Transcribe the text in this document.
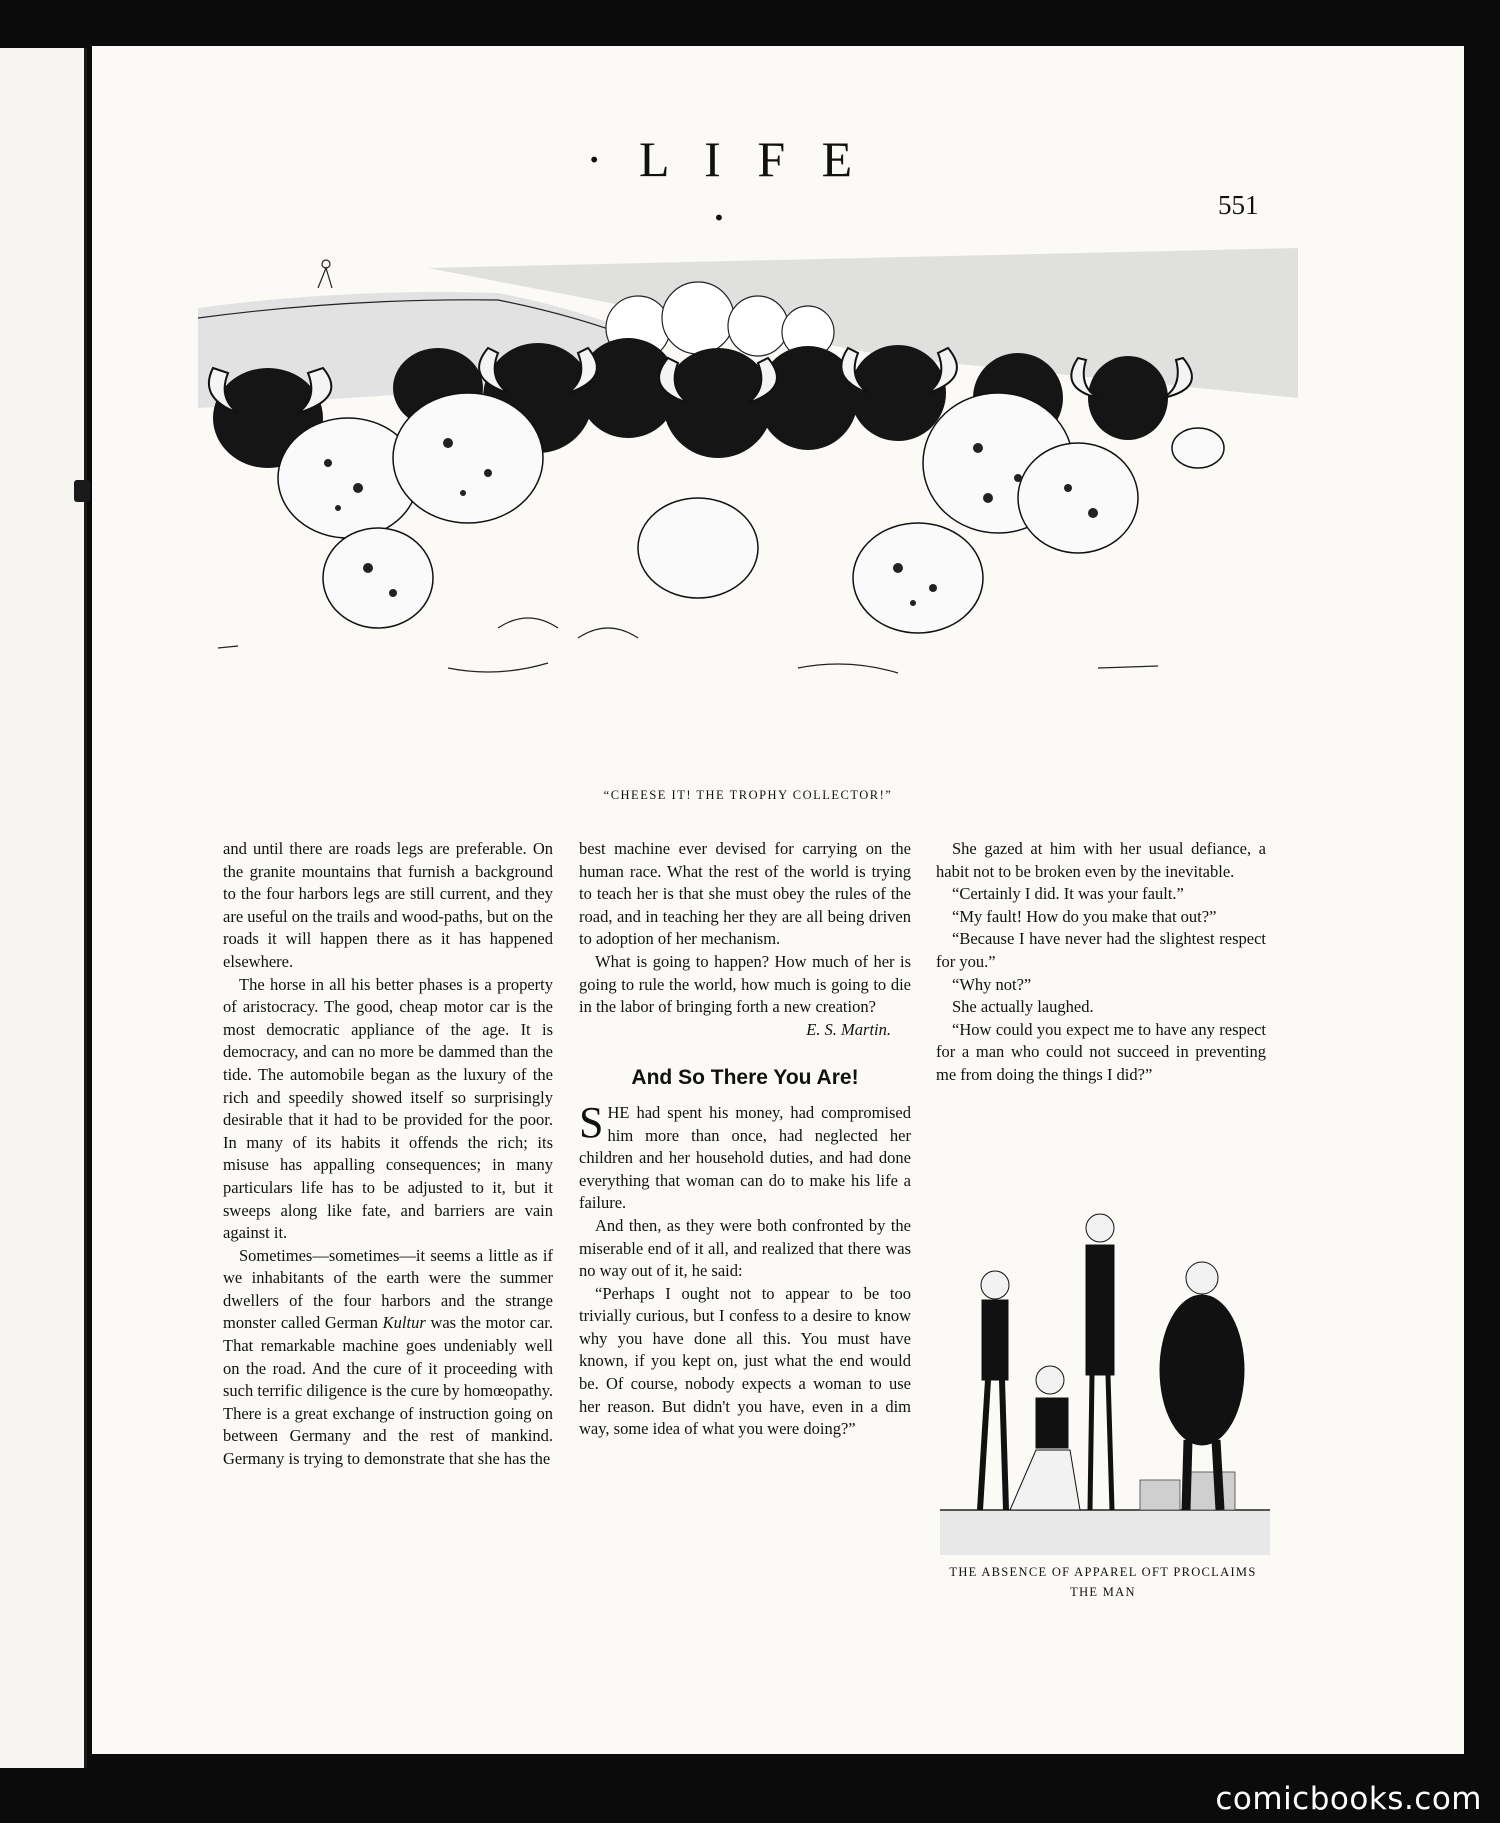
· L I F E ·	551
“CHEESE IT! THE TROPHY COLLECTOR!”

and until there are roads legs are preferable. On the granite mountains that furnish a background to the four harbors legs are still current, and they are useful on the trails and wood-paths, but on the roads it will happen there as it has happened elsewhere.

The horse in all his better phases is a property of aristocracy. The good, cheap motor car is the most democratic appliance of the age. It is democracy, and can no more be dammed than the tide. The automobile began as the luxury of the rich and speedily showed itself so surprisingly desirable that it had to be provided for the poor. In many of its habits it offends the rich; its misuse has appalling consequences; in many particulars life has to be adjusted to it, but it sweeps along like fate, and barriers are vain against it.

Sometimes—sometimes—it seems a little as if we inhabitants of the earth were the summer dwellers of the four harbors and the strange monster called German Kultur was the motor car. That remarkable machine goes undeniably well on the road. And the cure of it proceeding with such terrific diligence is the cure by homœopathy. There is a great exchange of instruction going on between Germany and the rest of mankind. Germany is trying to demonstrate that she has the

best machine ever devised for carrying on the human race. What the rest of the world is trying to teach her is that she must obey the rules of the road, and in teaching her they are all being driven to adoption of her mechanism.

What is going to happen? How much of her is going to rule the world, how much is going to die in the labor of bringing forth a new creation?

E. S. Martin.
And So There You Are!

SHE had spent his money, had compromised him more than once, had neglected her children and her household duties, and had done everything that woman can do to make his life a failure.

And then, as they were both confronted by the miserable end of it all, and realized that there was no way out of it, he said:

“Perhaps I ought not to appear to be too trivially curious, but I confess to a desire to know why you have done all this. You must have known, if you kept on, just what the end would be. Of course, nobody expects a woman to use her reason. But didn't you have, even in a dim way, some idea of what you were doing?”

She gazed at him with her usual defiance, a habit not to be broken even by the inevitable.

“Certainly I did. It was your fault.”

“My fault! How do you make that out?”

“Because I have never had the slightest respect for you.”

“Why not?”

She actually laughed.

“How could you expect me to have any respect for a man who could not succeed in preventing me from doing the things I did?”

THE ABSENCE OF APPAREL OFT PROCLAIMS
THE MAN
comicbooks.com
